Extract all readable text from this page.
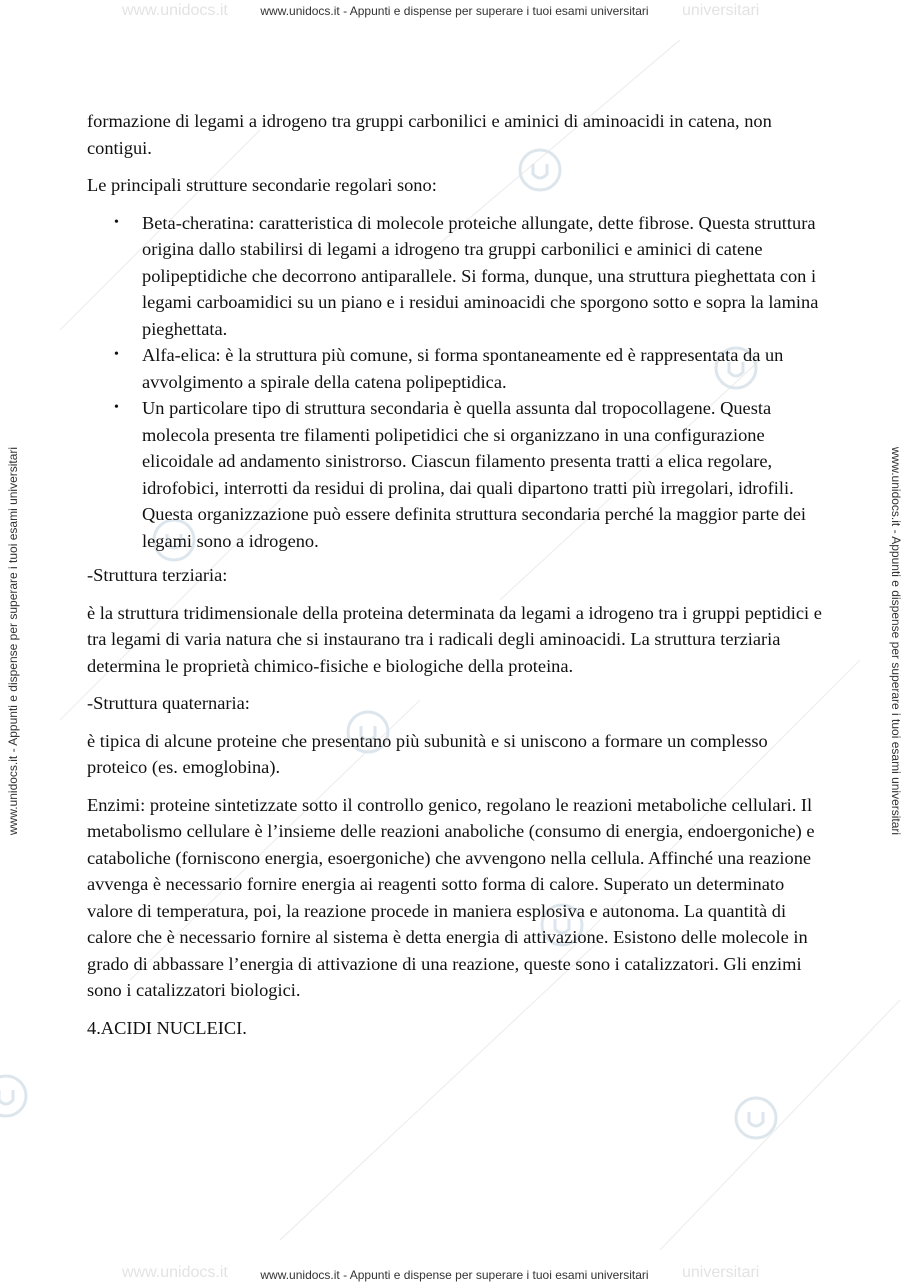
www.unidocs.it	universitari
www.unidocs.it	universitari
www.unidocs.it - Appunti e dispense per superare i tuoi esami universitari
www.unidocs.it - Appunti e dispense per superare i tuoi esami universitari
www.unidocs.it - Appunti e dispense per superare i tuoi esami universitari	www.unidocs.it - Appunti e dispense per superare i tuoi esami universitari

formazione di legami a idrogeno tra gruppi carbonilici e aminici di aminoacidi in catena, non contigui.

Le principali strutture secondarie regolari sono:

• Beta-cheratina: caratteristica di molecole proteiche allungate, dette fibrose. Questa struttura origina dallo stabilirsi di legami a idrogeno tra gruppi carbonilici e aminici di catene polipeptidiche che decorrono antiparallele. Si forma, dunque, una struttura pieghettata con i legami carboamidici su un piano e i residui aminoacidi che sporgono sotto e sopra la lamina pieghettata.
• Alfa-elica: è la struttura più comune, si forma spontaneamente ed è rappresentata da un avvolgimento a spirale della catena polipeptidica.
• Un particolare tipo di struttura secondaria è quella assunta dal tropocollagene. Questa molecola presenta tre filamenti polipetidici che si organizzano in una configurazione elicoidale ad andamento sinistrorso. Ciascun filamento presenta tratti a elica regolare, idrofobici, interrotti da residui di prolina, dai quali dipartono tratti più irregolari, idrofili. Questa organizzazione può essere definita struttura secondaria perché la maggior parte dei legami sono a idrogeno.

-Struttura terziaria:

è la struttura tridimensionale della proteina determinata da legami a idrogeno tra i gruppi peptidici e tra legami di varia natura che si instaurano tra i radicali degli aminoacidi. La struttura terziaria determina le proprietà chimico-fisiche e biologiche della proteina.

-Struttura quaternaria:

è tipica di alcune proteine che presentano più subunità e si uniscono a formare un complesso proteico (es. emoglobina).

Enzimi: proteine sintetizzate sotto il controllo genico, regolano le reazioni metaboliche cellulari. Il metabolismo cellulare è l’insieme delle reazioni anaboliche (consumo di energia, endoergoniche) e cataboliche (forniscono energia, esoergoniche) che avvengono nella cellula. Affinché una reazione avvenga è necessario fornire energia ai reagenti sotto forma di calore. Superato un determinato valore di temperatura, poi, la reazione procede in maniera esplosiva e autonoma. La quantità di calore che è necessario fornire al sistema è detta energia di attivazione. Esistono delle molecole in grado di abbassare l’energia di attivazione di una reazione, queste sono i catalizzatori. Gli enzimi sono i catalizzatori biologici.

4.ACIDI NUCLEICI.
